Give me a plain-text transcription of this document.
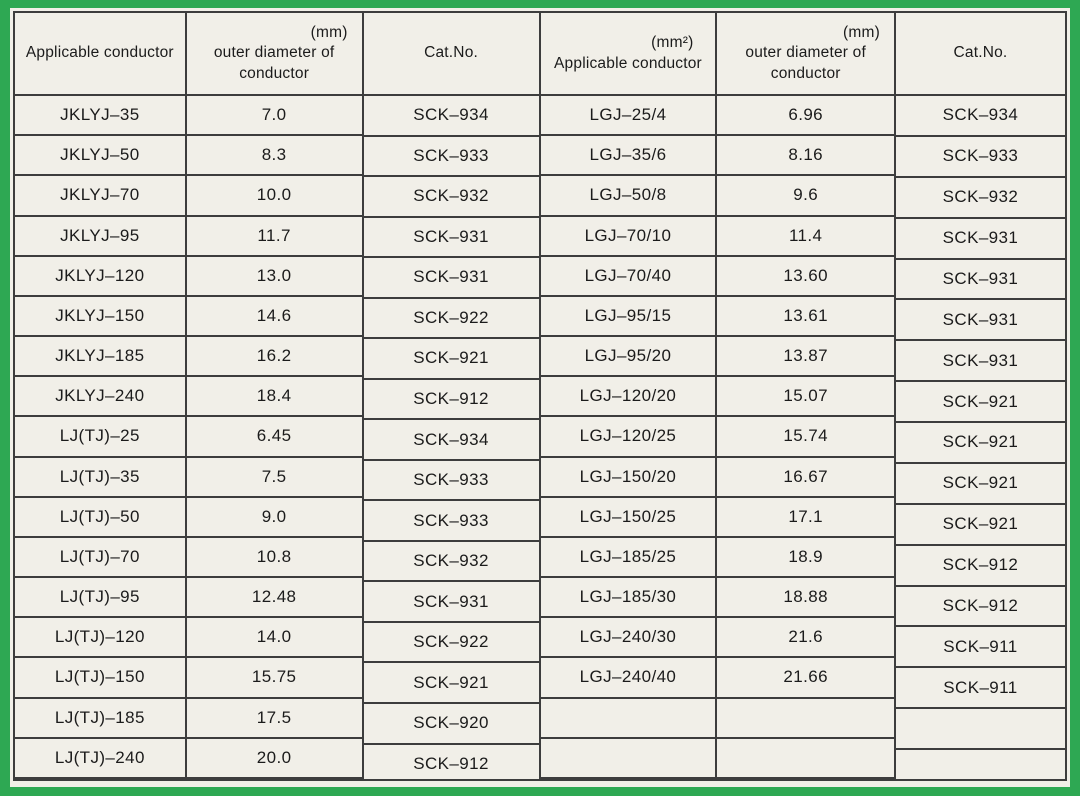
Applicable conductor
JKLYJ–35
JKLYJ–50
JKLYJ–70
JKLYJ–95
JKLYJ–120
JKLYJ–150
JKLYJ–185
JKLYJ–240
LJ(TJ)–25
LJ(TJ)–35
LJ(TJ)–50
LJ(TJ)–70
LJ(TJ)–95
LJ(TJ)–120
LJ(TJ)–150
LJ(TJ)–185
LJ(TJ)–240
(mm)
outer diameter of
conductor
7.0
8.3
10.0
11.7
13.0
14.6
16.2
18.4
6.45
7.5
9.0
10.8
12.48
14.0
15.75
17.5
20.0
Cat.No.
SCK–934
SCK–933
SCK–932
SCK–931
SCK–931
SCK–922
SCK–921
SCK–912
SCK–934
SCK–933
SCK–933
SCK–932
SCK–931
SCK–922
SCK–921
SCK–920
SCK–912
(mm²)
Applicable conductor
LGJ–25/4
LGJ–35/6
LGJ–50/8
LGJ–70/10
LGJ–70/40
LGJ–95/15
LGJ–95/20
LGJ–120/20
LGJ–120/25
LGJ–150/20
LGJ–150/25
LGJ–185/25
LGJ–185/30
LGJ–240/30
LGJ–240/40
(mm)
outer diameter of
conductor
6.96
8.16
9.6
11.4
13.60
13.61
13.87
15.07
15.74
16.67
17.1
18.9
18.88
21.6
21.66
Cat.No.
SCK–934
SCK–933
SCK–932
SCK–931
SCK–931
SCK–931
SCK–931
SCK–921
SCK–921
SCK–921
SCK–921
SCK–912
SCK–912
SCK–911
SCK–911
